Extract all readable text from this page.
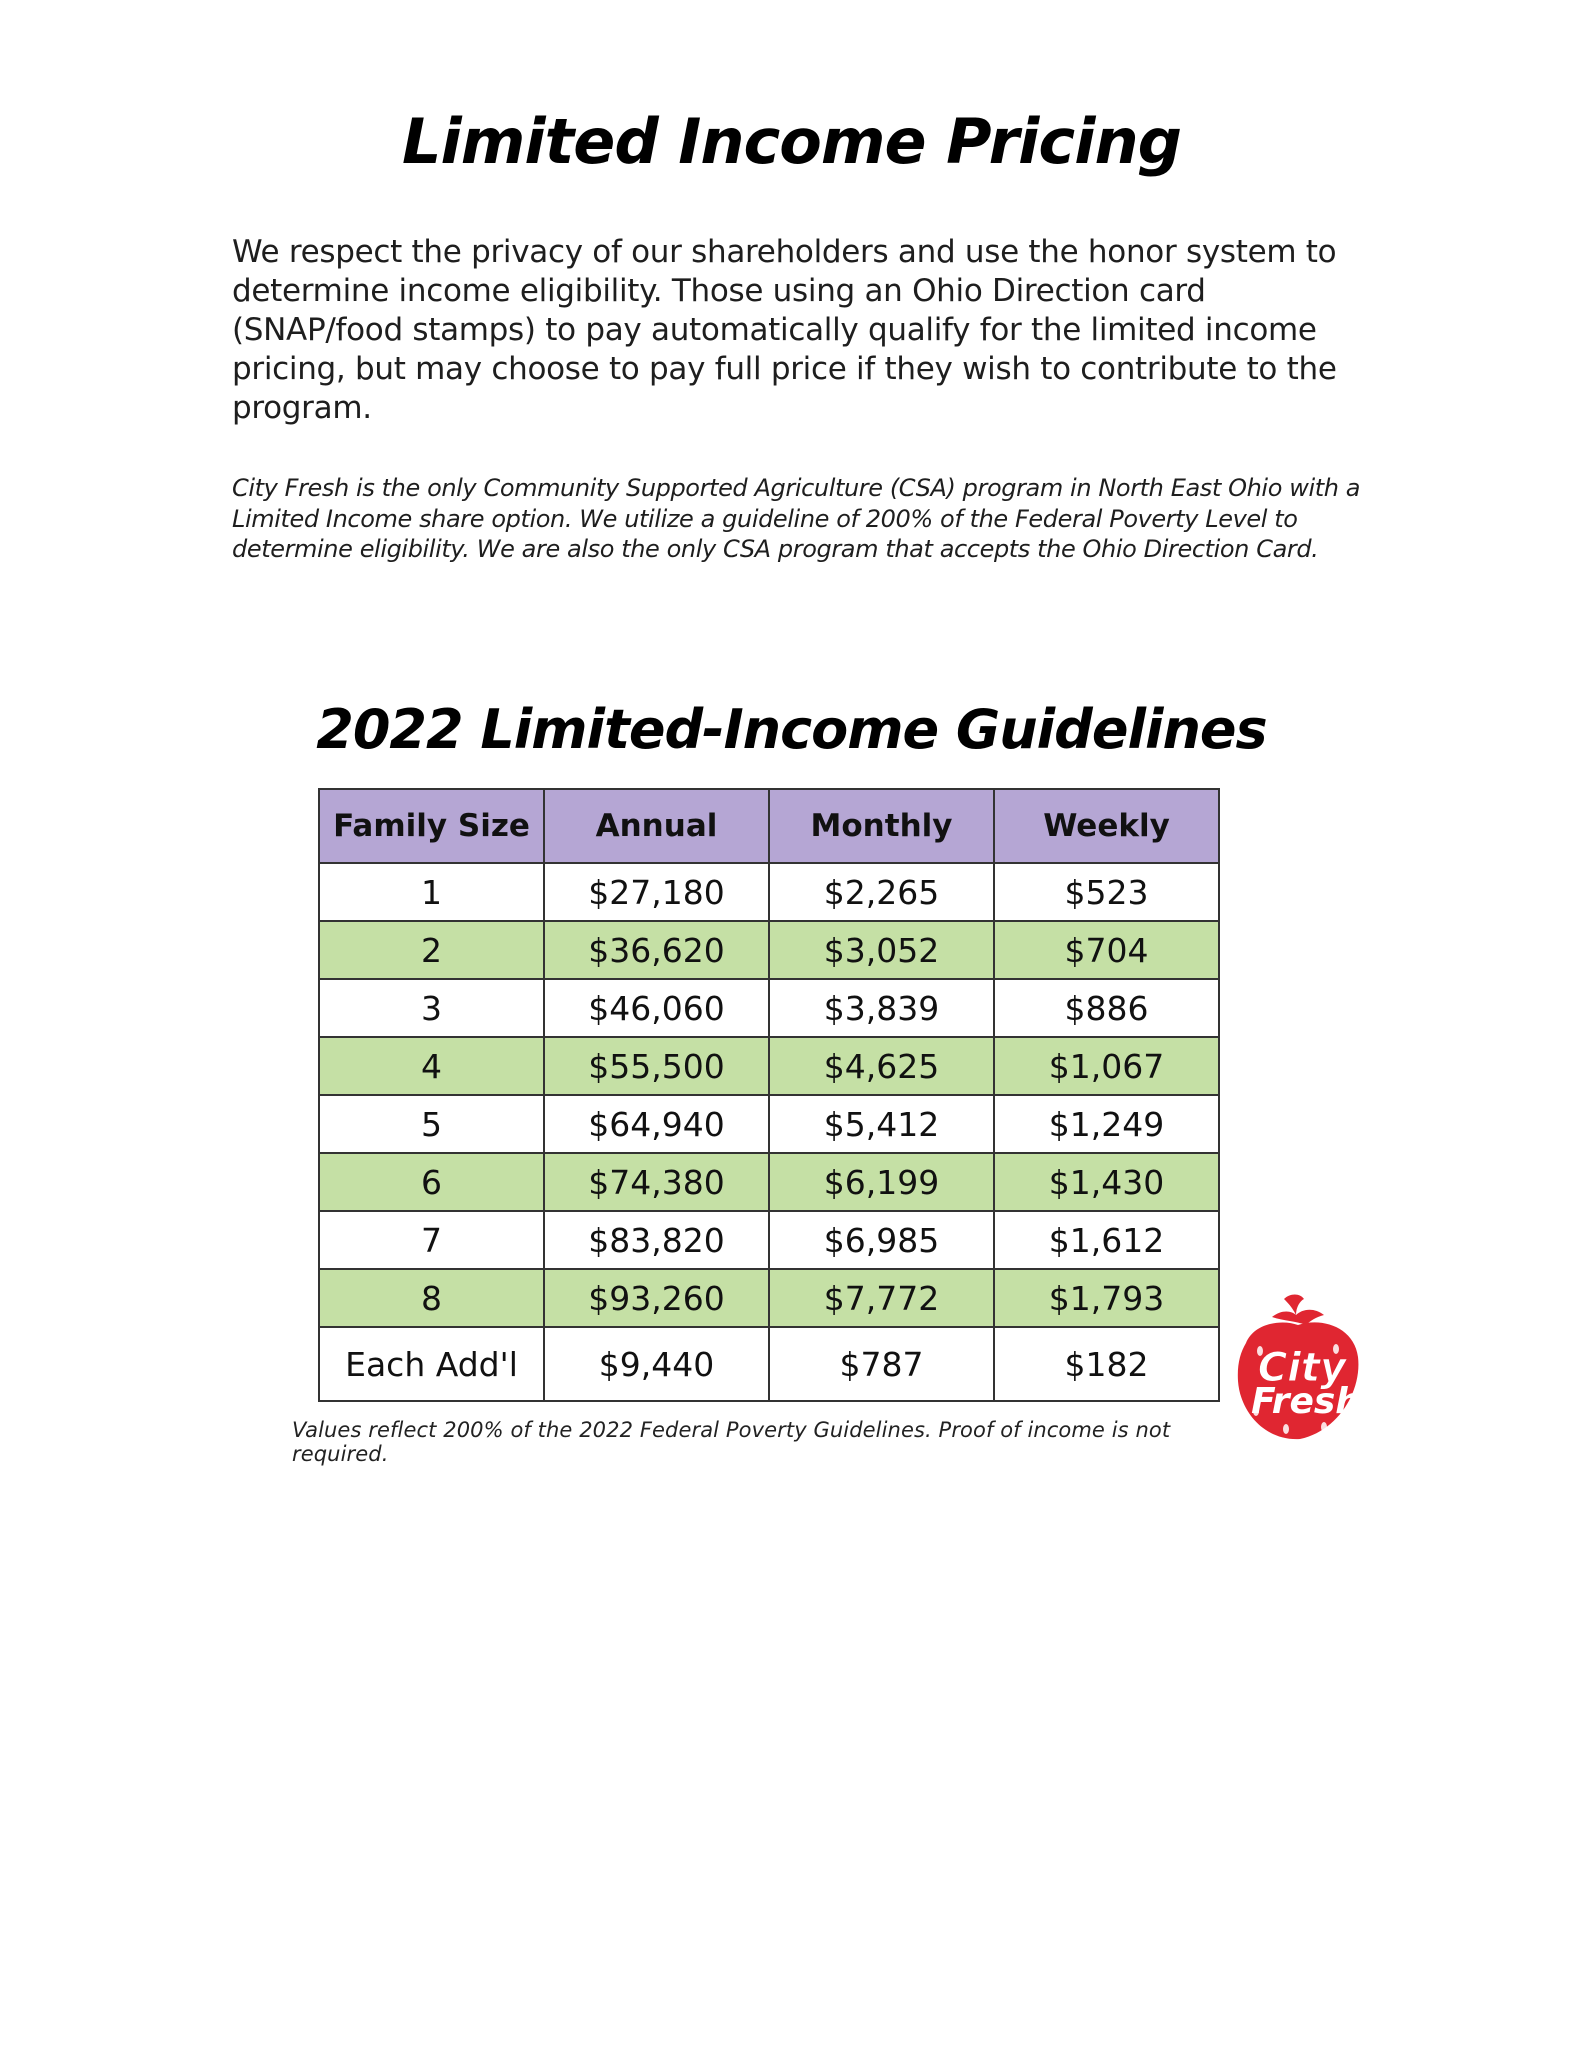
Limited Income Pricing

We respect the privacy of our shareholders and use the honor system to determine income eligibility. Those using an Ohio Direction card (SNAP/food stamps) to pay automatically qualify for the limited income pricing, but may choose to pay full price if they wish to contribute to the program.

City Fresh is the only Community Supported Agriculture (CSA) program in North East Ohio with a Limited Income share option. We utilize a guideline of 200% of the Federal Poverty Level to determine eligibility. We are also the only CSA program that accepts the Ohio Direction Card.

2022 Limited-Income Guidelines
Family Size	Annual	Monthly	Weekly
1	$27,180	$2,265	$523
2	$36,620	$3,052	$704
3	$46,060	$3,839	$886
4	$55,500	$4,625	$1,067
5	$64,940	$5,412	$1,249
6	$74,380	$6,199	$1,430
7	$83,820	$6,985	$1,612
8	$93,260	$7,772	$1,793
Each Add'l	$9,440	$787	$182

Values reflect 200% of the 2022 Federal Poverty Guidelines. Proof of income is not required.

City
Fresh
